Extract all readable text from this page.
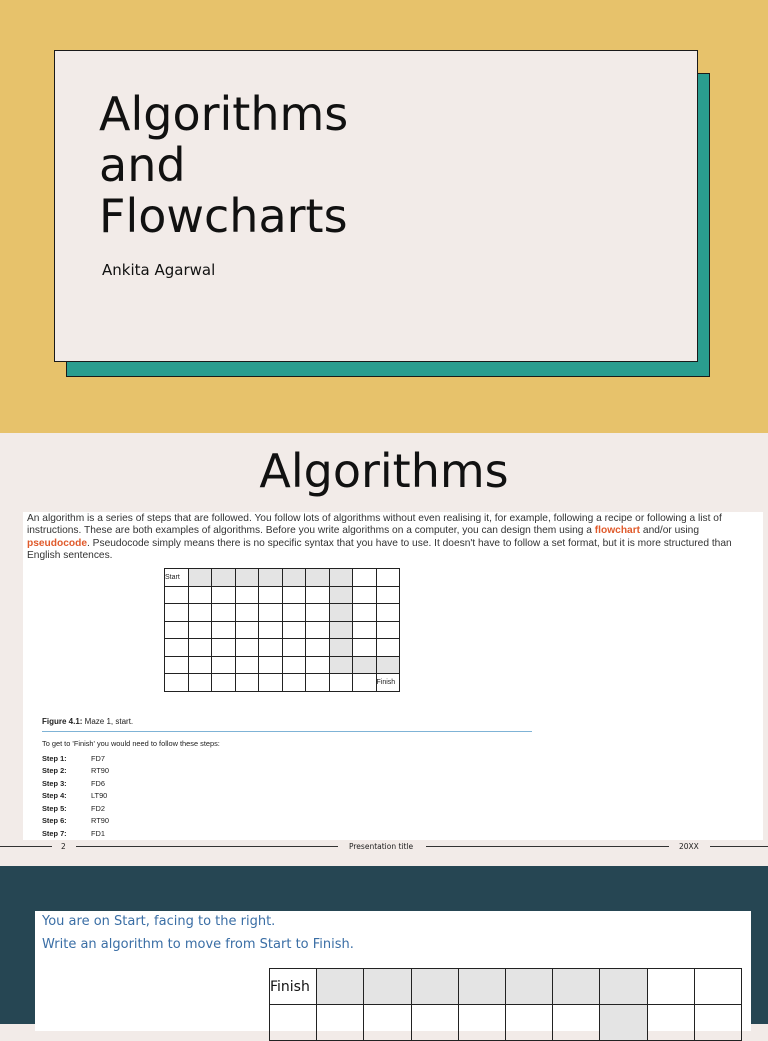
Algorithms
and
Flowcharts
Ankita Agarwal
Algorithms
An algorithm is a series of steps that are followed. You follow lots of algorithms without even realising it, for example, following a recipe or following a list of instructions. These are both examples of algorithms. Before you write algorithms on a computer, you can design them using a flowchart and/or using pseudocode. Pseudocode simply means there is no specific syntax that you have to use. It doesn't have to follow a set format, but it is more structured than English sentences.
Start									

									Finish
Figure 4.1: Maze 1, start.
To get to 'Finish' you would need to follow these steps:
Step 1:	FD7
Step 2:	RT90
Step 3:	FD6
Step 4:	LT90
Step 5:	FD2
Step 6:	RT90
Step 7:	FD1
2	Presentation title	20XX
You are on Start, facing to the right.
Write an algorithm to move from Start to Finish.
Finish									
